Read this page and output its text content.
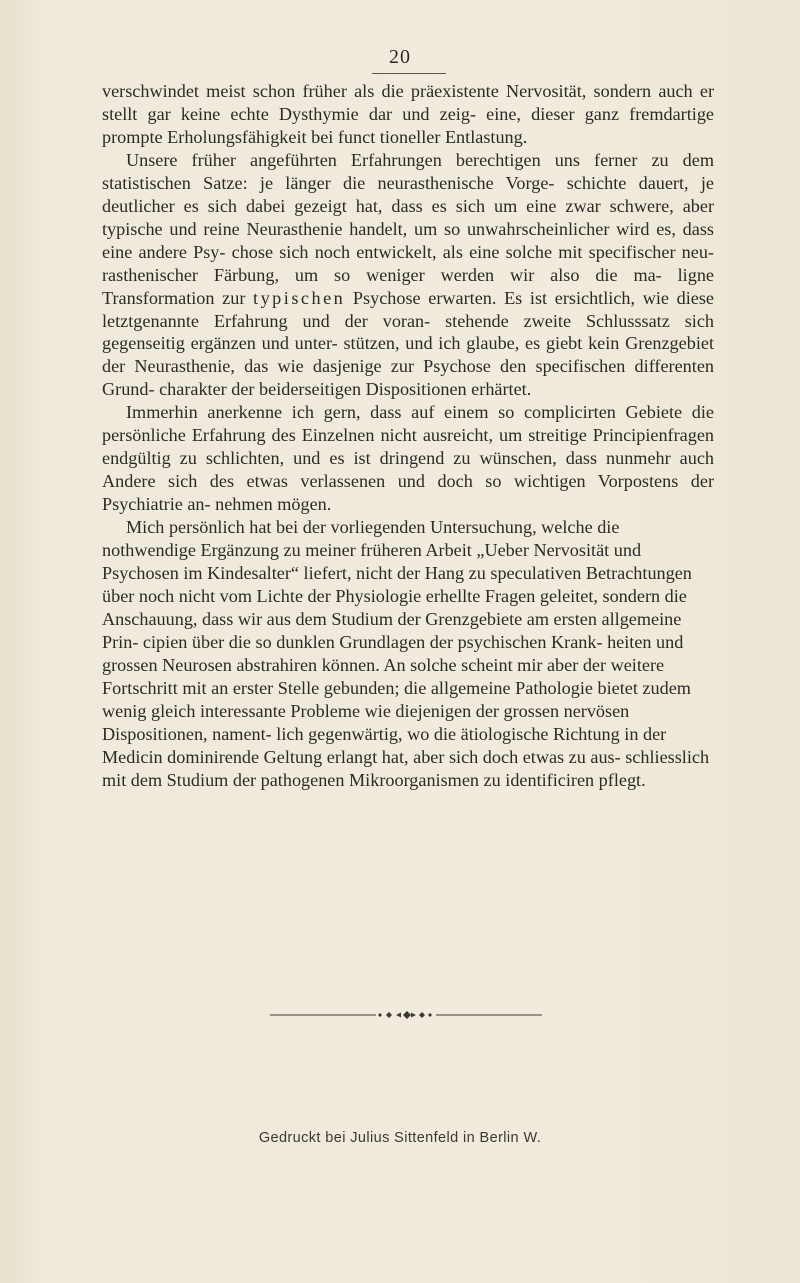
20

verschwindet meist schon früher als die präexistente Nervosität, sondern auch er stellt gar keine echte Dysthymie dar und zeig- eine, dieser ganz fremdartige prompte Erholungsfähigkeit bei funct tioneller Entlastung.

Unsere früher angeführten Erfahrungen berechtigen uns ferner zu dem statistischen Satze: je länger die neurasthenische Vorge- schichte dauert, je deutlicher es sich dabei gezeigt hat, dass es sich um eine zwar schwere, aber typische und reine Neurasthenie handelt, um so unwahrscheinlicher wird es, dass eine andere Psy- chose sich noch entwickelt, als eine solche mit specifischer neu- rasthenischer Färbung, um so weniger werden wir also die ma- ligne Transformation zur typischen Psychose erwarten. Es ist ersichtlich, wie diese letztgenannte Erfahrung und der voran- stehende zweite Schlusssatz sich gegenseitig ergänzen und unter- stützen, und ich glaube, es giebt kein Grenzgebiet der Neurasthenie, das wie dasjenige zur Psychose den specifischen differenten Grund- charakter der beiderseitigen Dispositionen erhärtet.

Immerhin anerkenne ich gern, dass auf einem so complicirten Gebiete die persönliche Erfahrung des Einzelnen nicht ausreicht, um streitige Principienfragen endgültig zu schlichten, und es ist dringend zu wünschen, dass nunmehr auch Andere sich des etwas verlassenen und doch so wichtigen Vorpostens der Psychiatrie an- nehmen mögen.

Mich persönlich hat bei der vorliegenden Untersuchung, welche die nothwendige Ergänzung zu meiner früheren Arbeit „Ueber Nervosität und Psychosen im Kindesalter“ liefert, nicht der Hang zu speculativen Betrachtungen über noch nicht vom Lichte der Physiologie erhellte Fragen geleitet, sondern die Anschauung, dass wir aus dem Studium der Grenzgebiete am ersten allgemeine Prin- cipien über die so dunklen Grundlagen der psychischen Krank- heiten und grossen Neurosen abstrahiren können. An solche scheint mir aber der weitere Fortschritt mit an erster Stelle gebunden; die allgemeine Pathologie bietet zudem wenig gleich interessante Probleme wie diejenigen der grossen nervösen Dispositionen, nament- lich gegenwärtig, wo die ätiologische Richtung in der Medicin dominirende Geltung erlangt hat, aber sich doch etwas zu aus- schliesslich mit dem Studium der pathogenen Mikroorganismen zu identificiren pflegt.

Gedruckt bei Julius Sittenfeld in Berlin W.
